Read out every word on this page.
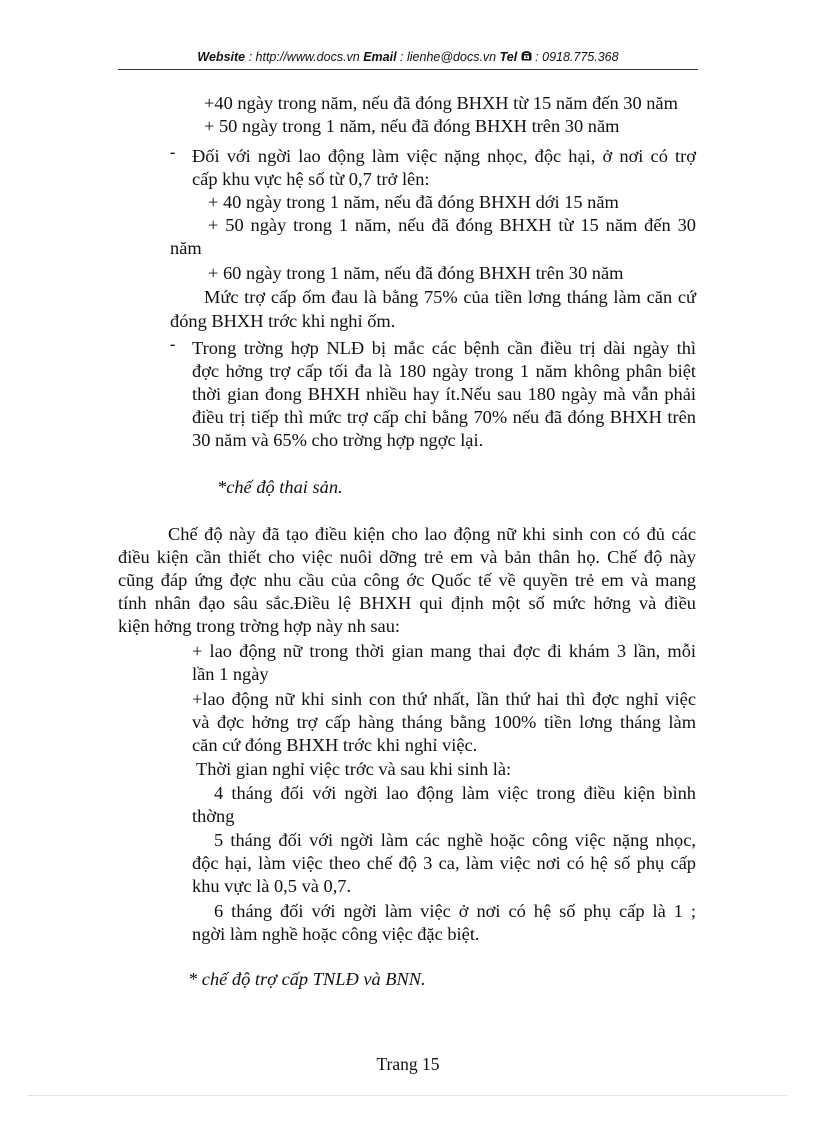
Website : http://www.docs.vn Email : lienhe@docs.vn Tel  : 0918.775.368
+40 ngày trong năm, nếu đã đóng BHXH từ 15 năm đến 30 năm
+ 50 ngày trong 1 năm, nếu đã đóng BHXH trên 30 năm
- Đối với ngời lao động làm việc nặng nhọc, độc hại, ở nơi có trợ
cấp khu vực hệ số từ 0,7 trở lên:
+ 40 ngày trong 1 năm, nếu đã đóng BHXH dới 15 năm
+ 50 ngày trong 1 năm, nếu đã đóng BHXH từ 15 năm đến 30
năm
+ 60 ngày trong 1 năm, nếu đã đóng BHXH trên 30 năm
Mức trợ cấp ốm đau là bằng 75% của tiền lơng tháng làm căn cứ
đóng BHXH trớc khi nghỉ ốm.
- Trong trờng hợp NLĐ bị mắc các bệnh cần điều trị dài ngày thì
đợc hởng trợ cấp tối đa là 180 ngày trong 1 năm không phân biệt
thời gian đong BHXH nhiều hay ít.Nếu sau 180 ngày mà vẫn phải
điều trị tiếp thì mức trợ cấp chỉ bằng 70% nếu đã đóng BHXH trên
30 năm và 65% cho trờng hợp ngợc lại.
*chế độ thai sản.
Chế độ này đã tạo điều kiện cho lao động nữ khi sinh con có đủ các
điều kiện cần thiết cho việc nuôi dỡng trẻ em và bản thân họ. Chế độ này
cũng đáp ứng đợc nhu cầu của công ớc Quốc tế về quyền trẻ em và mang
tính nhân đạo sâu sắc.Điều lệ BHXH qui định một số mức hởng và điều
kiện hởng trong trờng hợp này nh sau:
+ lao động nữ trong thời gian mang thai đợc đi khám 3 lần, mỗi
lần 1 ngày
+lao động nữ khi sinh con thứ nhất, lần thứ hai thì đợc nghỉ việc
và đợc hởng trợ cấp hàng tháng bằng 100% tiền lơng tháng làm
căn cứ đóng BHXH trớc khi nghỉ việc.
Thời gian nghỉ việc trớc và sau khi sinh là:
4 tháng đối với ngời lao động làm việc trong điều kiện bình
thờng
5 tháng đối với ngời làm các nghề hoặc công việc nặng nhọc,
độc hại, làm việc theo chế độ 3 ca, làm việc nơi có hệ số phụ cấp
khu vực là 0,5 và 0,7.
6 tháng đối với ngời làm việc ở nơi có hệ số phụ cấp là 1 ;
ngời làm nghề hoặc công việc đặc biệt.
* chế độ trợ cấp TNLĐ và BNN.
Trang 15
